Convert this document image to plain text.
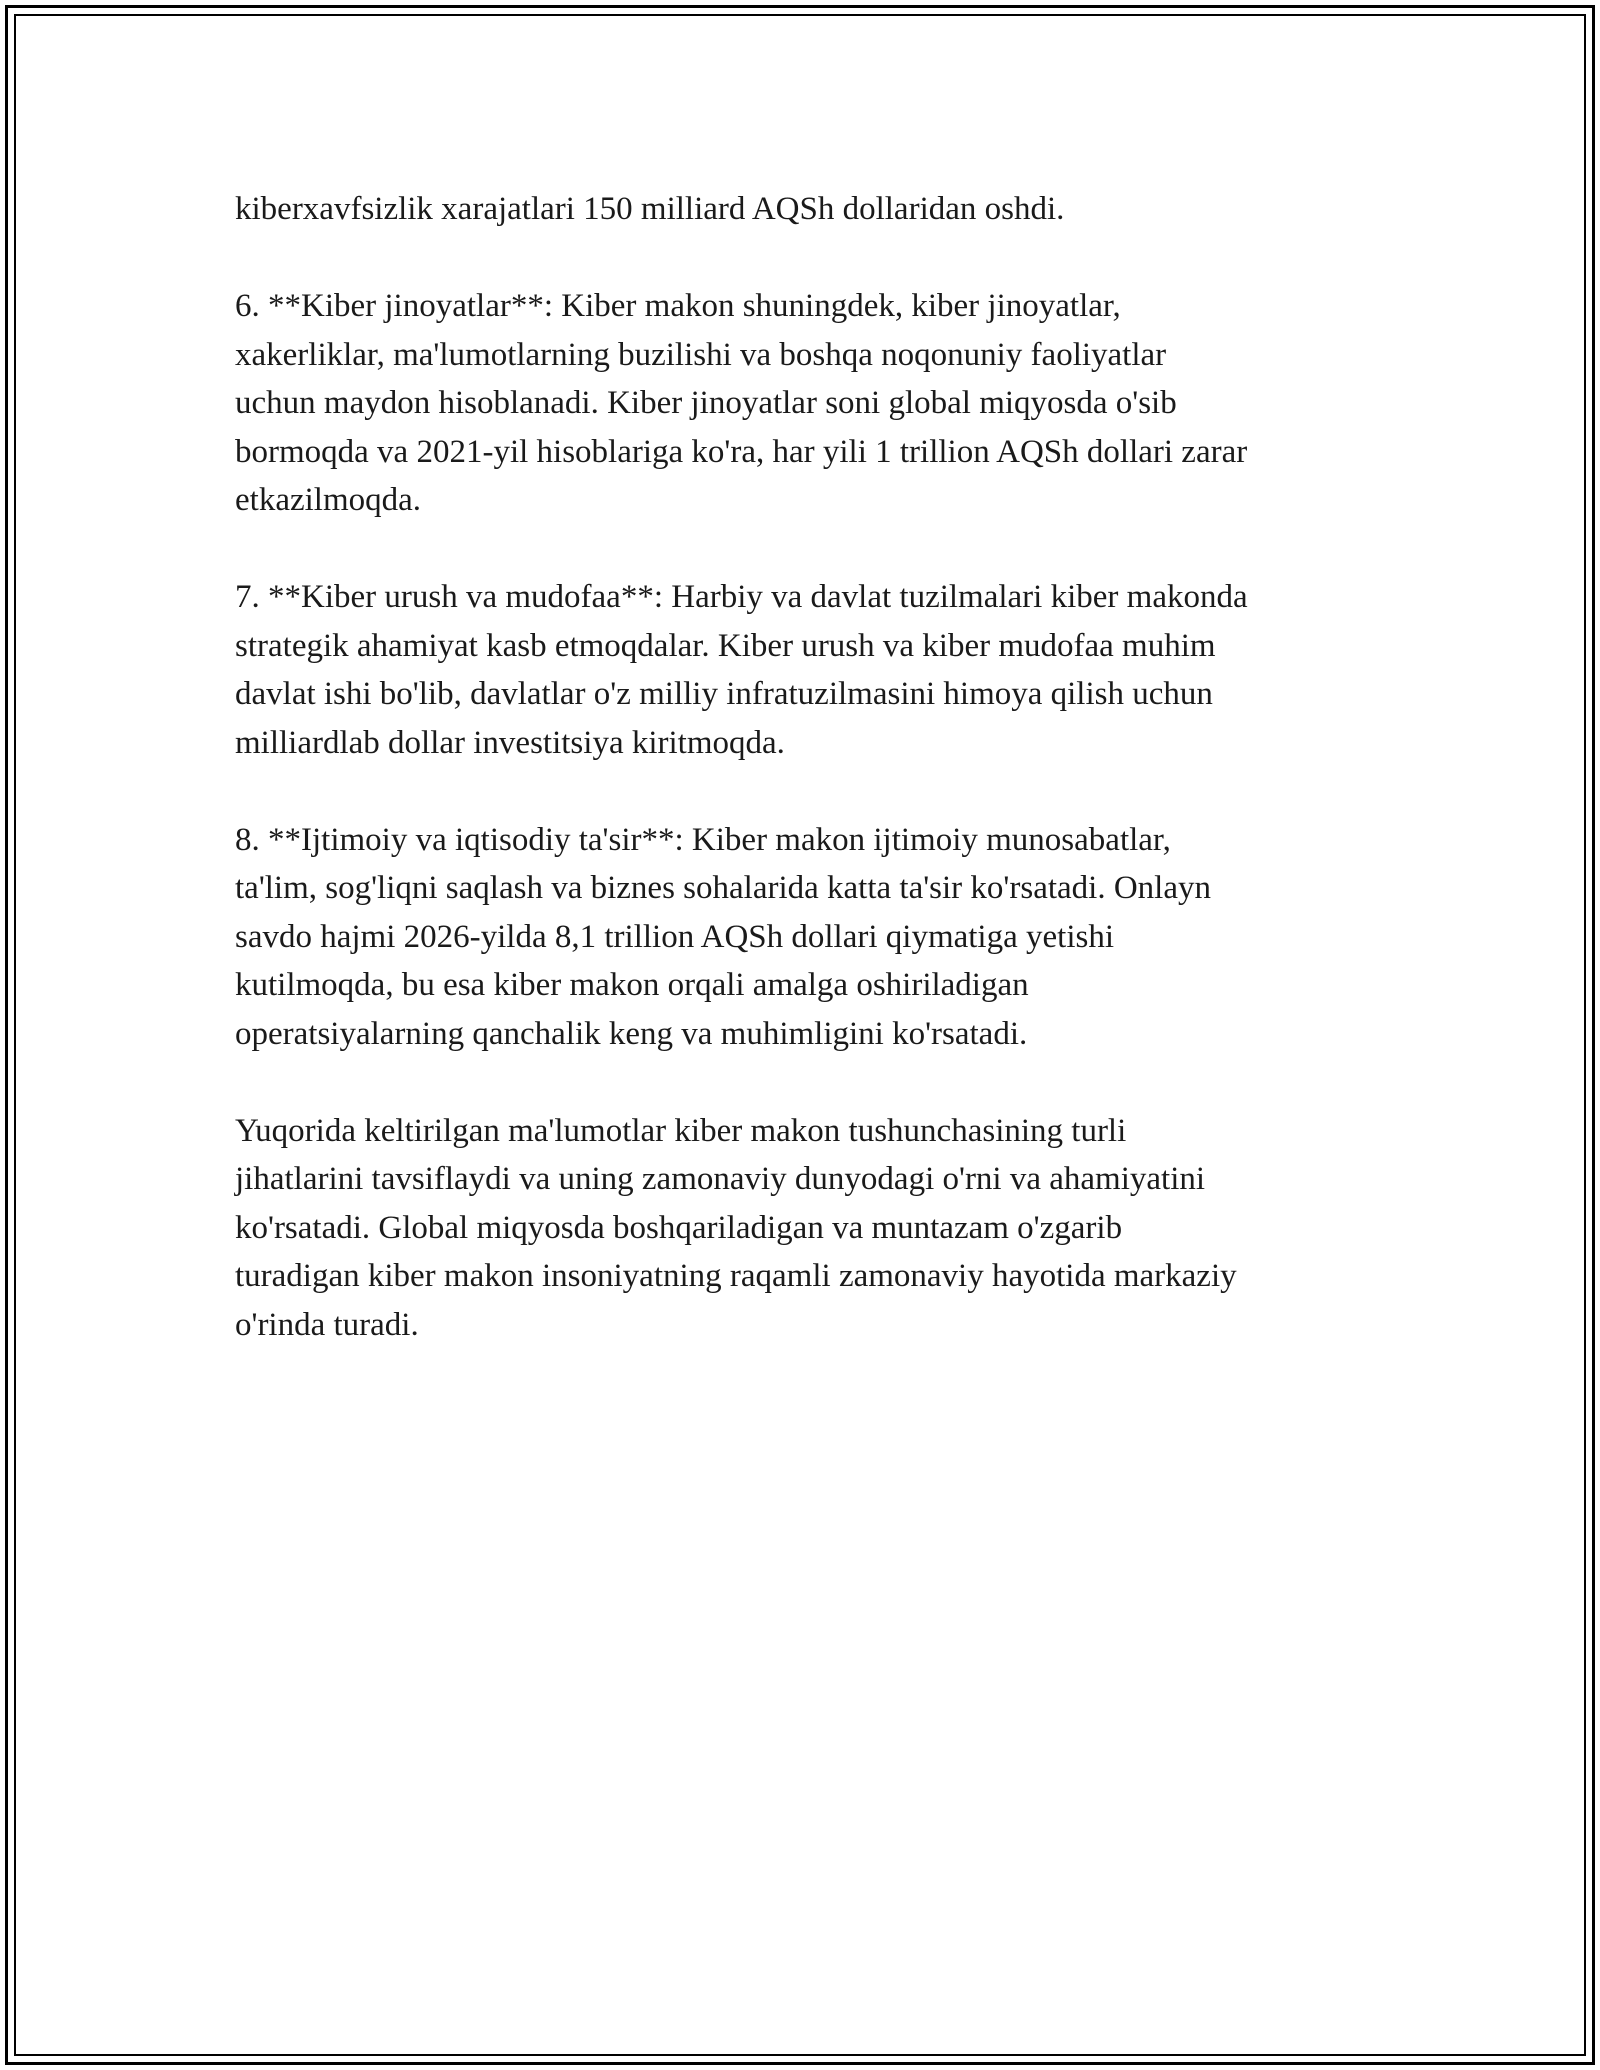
kiberxavfsizlik xarajatlari 150 milliard AQSh dollaridan oshdi.

6. **Kiber jinoyatlar**: Kiber makon shuningdek, kiber jinoyatlar,
xakerliklar, ma'lumotlarning buzilishi va boshqa noqonuniy faoliyatlar
uchun maydon hisoblanadi. Kiber jinoyatlar soni global miqyosda o'sib
bormoqda va 2021-yil hisoblariga ko'ra, har yili 1 trillion AQSh dollari zarar
etkazilmoqda.

7. **Kiber urush va mudofaa**: Harbiy va davlat tuzilmalari kiber makonda
strategik ahamiyat kasb etmoqdalar. Kiber urush va kiber mudofaa muhim
davlat ishi bo'lib, davlatlar o'z milliy infratuzilmasini himoya qilish uchun
milliardlab dollar investitsiya kiritmoqda.

8. **Ijtimoiy va iqtisodiy ta'sir**: Kiber makon ijtimoiy munosabatlar,
ta'lim, sog'liqni saqlash va biznes sohalarida katta ta'sir ko'rsatadi. Onlayn
savdo hajmi 2026-yilda 8,1 trillion AQSh dollari qiymatiga yetishi
kutilmoqda, bu esa kiber makon orqali amalga oshiriladigan
operatsiyalarning qanchalik keng va muhimligini ko'rsatadi.

Yuqorida keltirilgan ma'lumotlar kiber makon tushunchasining turli
jihatlarini tavsiflaydi va uning zamonaviy dunyodagi o'rni va ahamiyatini
ko'rsatadi. Global miqyosda boshqariladigan va muntazam o'zgarib
turadigan kiber makon insoniyatning raqamli zamonaviy hayotida markaziy
o'rinda turadi.
